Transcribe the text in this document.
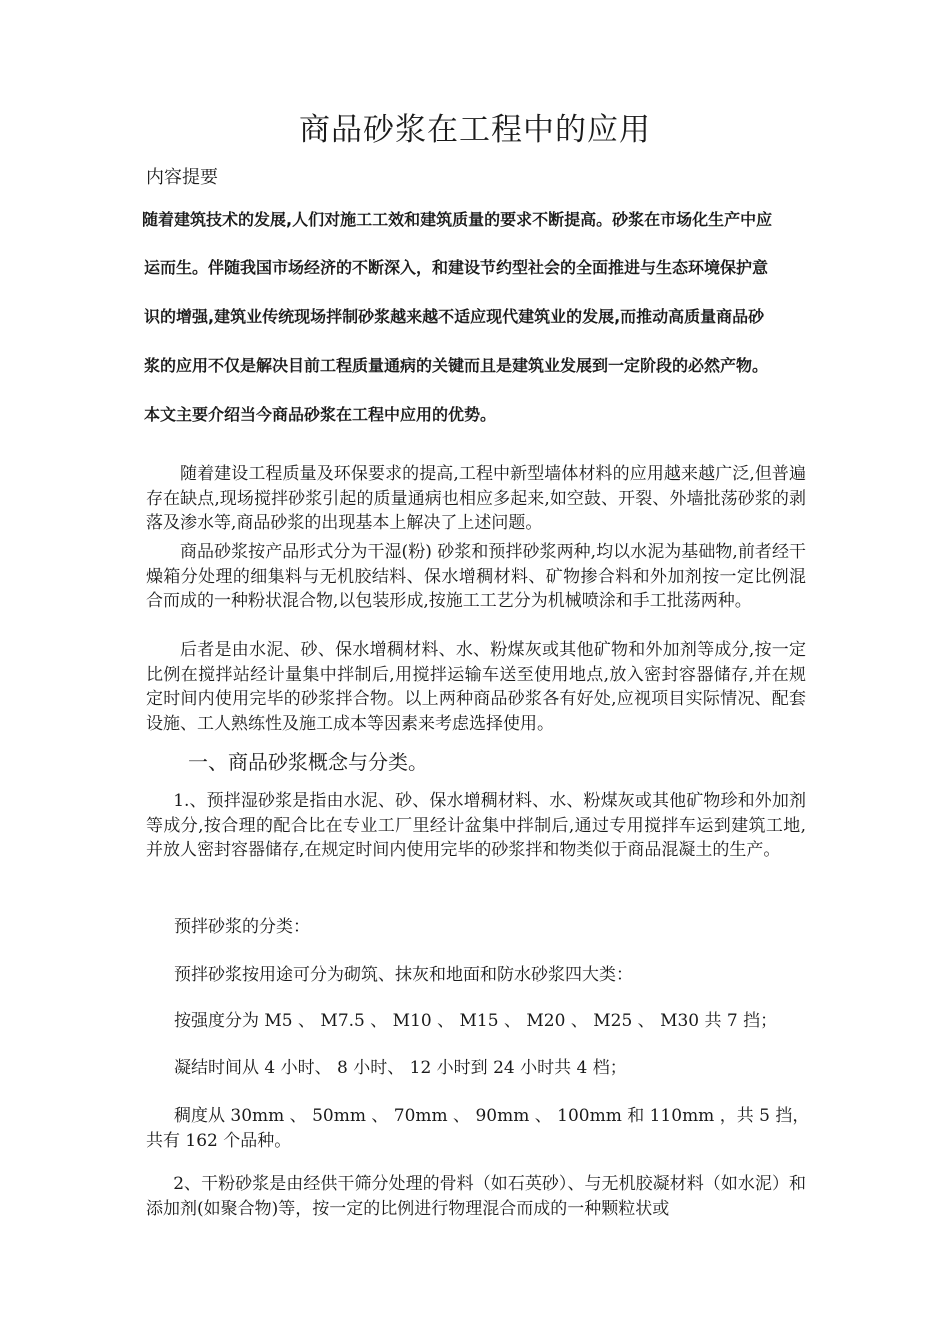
商品砂浆在工程中的应用
内容提要

随着建筑技术的发展,人们对施工工效和建筑质量的要求不断提高。砂浆在市场化生产中应

运而生。伴随我国市场经济的不断深入，和建设节约型社会的全面推进与生态环境保护意

识的增强,建筑业传统现场拌制砂浆越来越不适应现代建筑业的发展,而推动高质量商品砂

浆的应用不仅是解决目前工程质量通病的关键而且是建筑业发展到一定阶段的必然产物。

本文主要介绍当今商品砂浆在工程中应用的优势。

随着建设工程质量及环保要求的提高,工程中新型墙体材料的应用越来越广泛,但普遍存在缺点,现场搅拌砂浆引起的质量通病也相应多起来,如空鼓、开裂、外墙批荡砂浆的剥落及渗水等,商品砂浆的出现基本上解决了上述问题。

商品砂浆按产品形式分为干湿(粉) 砂浆和预拌砂浆两种,均以水泥为基础物,前者经干燥箱分处理的细集料与无机胶结料、保水增稠材料、矿物掺合料和外加剂按一定比例混合而成的一种粉状混合物,以包装形成,按施工工艺分为机械喷涂和手工批荡两种。

后者是由水泥、砂、保水增稠材料、水、粉煤灰或其他矿物和外加剂等成分,按一定比例在搅拌站经计量集中拌制后,用搅拌运输车送至使用地点,放入密封容器储存,并在规定时间内使用完毕的砂浆拌合物。以上两种商品砂浆各有好处,应视项目实际情况、配套设施、工人熟练性及施工成本等因素来考虑选择使用。

一、商品砂浆概念与分类。

1.、预拌湿砂浆是指由水泥、砂、保水增稠材料、水、粉煤灰或其他矿物珍和外加剂等成分,按合理的配合比在专业工厂里经计盆集中拌制后,通过专用搅拌车运到建筑工地,并放人密封容器储存,在规定时间内使用完毕的砂浆拌和物类似于商品混凝土的生产。

预拌砂浆的分类：

预拌砂浆按用途可分为砌筑、抹灰和地面和防水砂浆四大类：

按强度分为 M5 、 M7.5 、 M10 、 M15 、 M20 、 M25 、 M30 共 7 挡；

凝结时间从 4 小时、 8 小时、 12 小时到 24 小时共 4 档；

稠度从 30mm 、 50mm 、 70mm 、 90mm 、 100mm 和 110mm ，共 5 挡，

共有 162 个品种。

2、干粉砂浆是由经供干筛分处理的骨料（如石英砂）、与无机胶凝材料（如水泥）和添加剂(如聚合物)等，按一定的比例进行物理混合而成的一种颗粒状或
